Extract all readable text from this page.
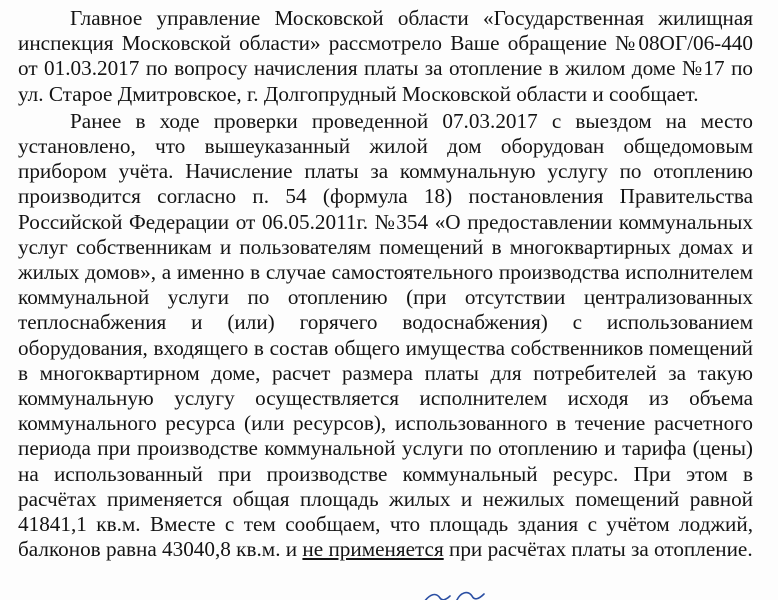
Главное управление Московской области «Государственная жилищная инспекция Московской области» рассмотрело Ваше обращение №08ОГ/06-440 от 01.03.2017 по вопросу начисления платы за отопление в жилом доме №17 по ул. Старое Дмитровское, г. Долгопрудный Московской области и сообщает.

Ранее в ходе проверки проведенной 07.03.2017 с выездом на место установлено, что вышеуказанный жилой дом оборудован общедомовым прибором учёта. Начисление платы за коммунальную услугу по отоплению производится согласно п. 54 (формула 18) постановления Правительства Российской Федерации от 06.05.2011г. №354 «О предоставлении коммунальных услуг собственникам и пользователям помещений в многоквартирных домах и жилых домов», а именно в случае самостоятельного производства исполнителем коммунальной услуги по отоплению (при отсутствии централизованных теплоснабжения и (или) горячего водоснабжения) с использованием оборудования, входящего в состав общего имущества собственников помещений в многоквартирном доме, расчет размера платы для потребителей за такую коммунальную услугу осуществляется исполнителем исходя из объема коммунального ресурса (или ресурсов), использованного в течение расчетного периода при производстве коммунальной услуги по отоплению и тарифа (цены) на использованный при производстве коммунальный ресурс. При этом в расчётах применяется общая площадь жилых и нежилых помещений равной 41841,1 кв.м. Вместе с тем сообщаем, что площадь здания с учётом лоджий, балконов равна 43040,8 кв.м. и не применяется при расчётах платы за отопление.
